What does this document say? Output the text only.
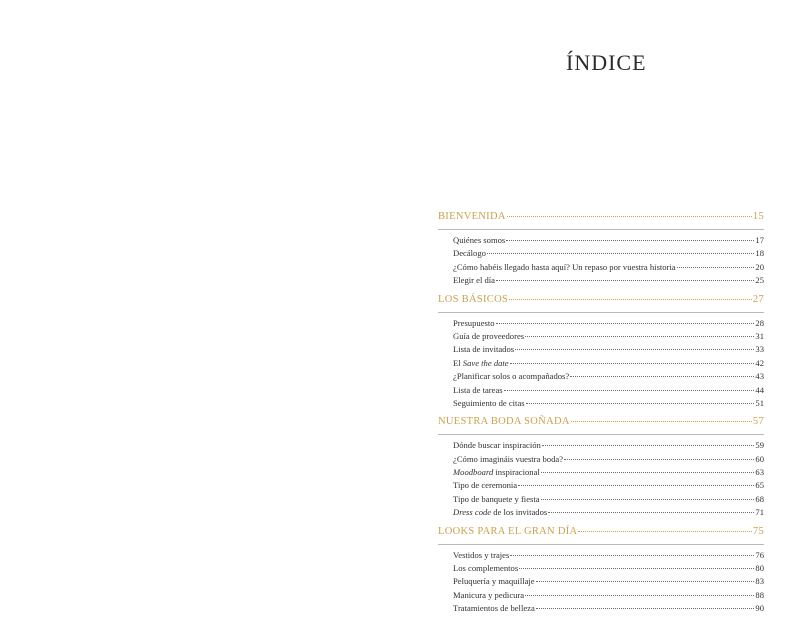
ÍNDICE
BIENVENIDA	15
Quiénes somos	17
Decálogo	18
¿Cómo habéis llegado hasta aquí? Un repaso por vuestra historia	20
Elegir el día	25
LOS BÁSICOS	27
Presupuesto	28
Guía de proveedores	31
Lista de invitados	33
El Save the date	42
¿Planificar solos o acompañados?	43
Lista de tareas	44
Seguimiento de citas	51
NUESTRA BODA SOÑADA	57
Dónde buscar inspiración	59
¿Cómo imagináis vuestra boda?	60
Moodboard inspiracional	63
Tipo de ceremonia	65
Tipo de banquete y fiesta	68
Dress code de los invitados	71
LOOKS PARA EL GRAN DÍA	75
Vestidos y trajes	76
Los complementos	80
Peluquería y maquillaje	83
Manicura y pedicura	88
Tratamientos de belleza	90
